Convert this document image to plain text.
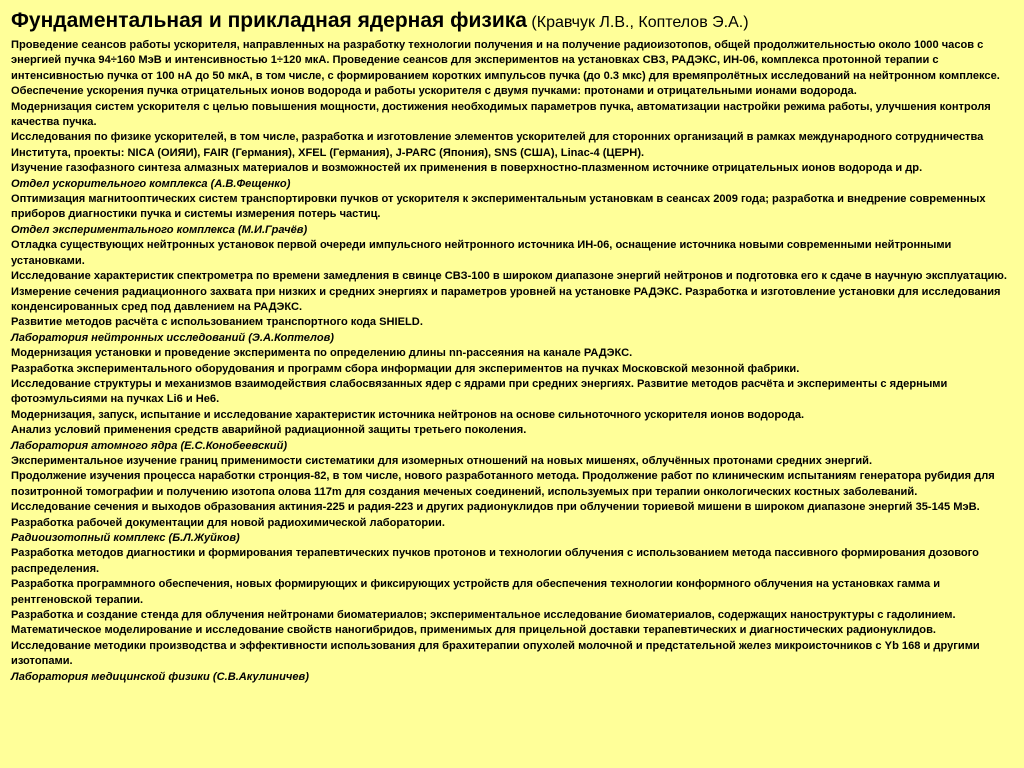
Фундаментальная и прикладная ядерная физика (Кравчук Л.В., Коптелов Э.А.)

Проведение сеансов работы ускорителя, направленных на разработку технологии получения и на получение радиоизотопов, общей продолжительностью около 1000 часов с энергией пучка 94÷160 МэВ и интенсивностью 1÷120 мкА. Проведение сеансов для экспериментов на установках СВЗ, РАДЭКС, ИН-06, комплекса протонной терапии с интенсивностью пучка от 100 нА до 50 мкА, в том числе, с формированием коротких импульсов пучка (до 0.3 мкс) для времяпролётных исследований на нейтронном комплексе.

Обеспечение ускорения пучка отрицательных ионов водорода и работы ускорителя с двумя пучками: протонами и отрицательными ионами водорода.

Модернизация систем ускорителя с целью повышения мощности, достижения необходимых параметров пучка, автоматизации настройки режима работы, улучшения контроля качества пучка.

Исследования по физике ускорителей, в том числе, разработка и изготовление элементов ускорителей для сторонних организаций в рамках международного сотрудничества Института, проекты: NICA (ОИЯИ), FAIR (Германия), XFEL (Германия), J-PARC (Япония), SNS (США), Linac-4 (ЦЕРН).

Изучение газофазного синтеза алмазных материалов и возможностей их применения в поверхностно-плазменном источнике отрицательных ионов водорода и др.

Отдел ускорительного комплекса (А.В.Фещенко)

Оптимизация магнитооптических систем транспортировки пучков от ускорителя к экспериментальным установкам в сеансах 2009 года; разработка и внедрение современных приборов диагностики пучка и системы измерения потерь частиц.

Отдел экспериментального комплекса (М.И.Грачёв)

Отладка существующих нейтронных установок первой очереди импульсного нейтронного источника ИН-06, оснащение источника новыми современными нейтронными установками.

Исследование характеристик спектрометра по времени замедления в свинце СВЗ-100 в широком диапазоне энергий нейтронов и подготовка его к сдаче в научную эксплуатацию.

Измерение сечения радиационного захвата при низких и средних энергиях и параметров уровней на установке РАДЭКС. Разработка и изготовление установки для исследования конденсированных сред под давлением на РАДЭКС.

Развитие методов расчёта с использованием транспортного кода SHIELD.

Лаборатория нейтронных исследований (Э.А.Коптелов)

Модернизация установки и проведение эксперимента по определению длины nn-рассеяния на канале РАДЭКС.

Разработка экспериментального оборудования и программ сбора информации для экспериментов на пучках Московской мезонной фабрики.

Исследование структуры и механизмов взаимодействия слабосвязанных ядер с ядрами при средних энергиях. Развитие методов расчёта и эксперименты с ядерными фотоэмульсиями на пучках Li6 и He6.

Модернизация, запуск, испытание и исследование характеристик источника нейтронов на основе сильноточного ускорителя ионов водорода.

Анализ условий применения средств аварийной радиационной защиты третьего поколения.

Лаборатория атомного ядра (Е.С.Конобеевский)

Экспериментальное изучение границ применимости систематики для изомерных отношений на новых мишенях, облучённых протонами средних энергий.

Продолжение изучения процесса наработки стронция-82, в том числе, нового разработанного метода. Продолжение работ по клиническим испытаниям генератора рубидия для позитронной томографии и получению изотопа олова 117m для создания меченых соединений, используемых при терапии онкологических костных заболеваний.

Исследование сечения и выходов образования актиния-225 и радия-223 и других радионуклидов при облучении ториевой мишени в широком диапазоне энергий 35-145 МэВ.

Разработка рабочей документации для новой радиохимической лаборатории.

Радиоизотопный комплекс (Б.Л.Жуйков)

Разработка методов диагностики и формирования терапевтических пучков протонов и технологии облучения с использованием метода пассивного формирования дозового распределения.

Разработка программного обеспечения, новых формирующих и фиксирующих устройств для обеспечения технологии конформного облучения на установках гамма и рентгеновской терапии.

Разработка и создание стенда для облучения нейтронами биоматериалов; экспериментальное исследование биоматериалов, содержащих наноструктуры с гадолинием.

Математическое моделирование и исследование свойств наногибридов, применимых для прицельной доставки терапевтических и диагностических радионуклидов. Исследование методики производства и эффективности использования для брахитерапии опухолей молочной и предстательной желез микроисточников с Yb 168 и другими изотопами.

Лаборатория медицинской физики (С.В.Акулиничев)
